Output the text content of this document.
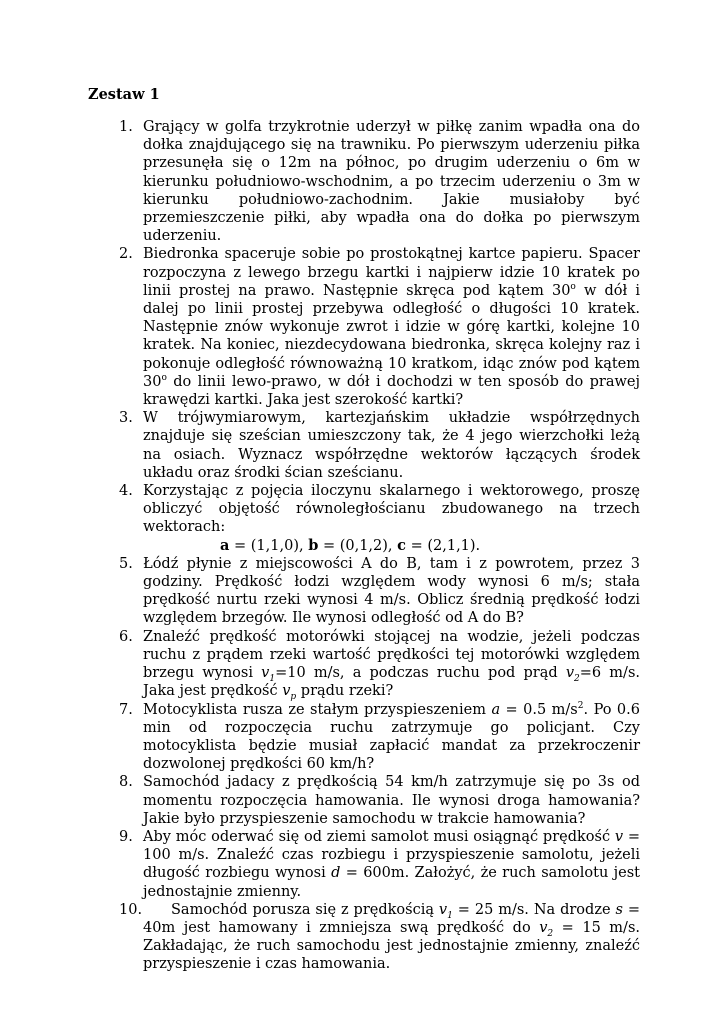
Zestaw 1
1. Grający w golfa trzykrotnie uderzył w piłkę zanim wpadła ona do dołka znajdującego się na trawniku. Po pierwszym uderzeniu piłka przesunęła się o 12m na północ, po drugim uderzeniu o 6m w kierunku południowo-wschodnim, a po trzecim uderzeniu o 3m w kierunku południowo-zachodnim. Jakie musiałoby być przemieszczenie piłki, aby wpadła ona do dołka po pierwszym uderzeniu.
2. Biedronka spaceruje sobie po prostokątnej kartce papieru. Spacer rozpoczyna z lewego brzegu kartki i najpierw idzie 10 kratek po linii prostej na prawo. Następnie skręca pod kątem 30$^o$ w dół i dalej po linii prostej przebywa odległość o długości 10 kratek. Następnie znów wykonuje zwrot i idzie w górę kartki, kolejne 10 kratek. Na koniec, niezdecydowana biedronka, skręca kolejny raz i pokonuje odległość równoważną 10 kratkom, idąc znów pod kątem 30$^o$ do linii lewo-prawo, w dół i dochodzi w ten sposób do prawej krawędzi kartki. Jaka jest szerokość kartki?
3. W trójwymiarowym, kartezjańskim układzie współrzędnych znajduje się sześcian umieszczony tak, że 4 jego wierzchołki leżą na osiach. Wyznacz współrzędne wektorów łączących środek układu oraz środki ścian sześcianu.
4. Korzystając z pojęcia iloczynu skalarnego i wektorowego, proszę obliczyć objętość równoległościanu zbudowanego na trzech wektorach:
a = (1,1,0), b = (0,1,2), c = (2,1,1).
5. Łódź płynie z miejscowości A do B, tam i z powrotem, przez 3 godziny. Prędkość łodzi względem wody wynosi 6 m/s; stała prędkość nurtu rzeki wynosi 4 m/s. Oblicz średnią prędkość łodzi względem brzegów. Ile wynosi odległość od A do B?
6. Znaleźć prędkość motorówki stojącej na wodzie, jeżeli podczas ruchu z prądem rzeki wartość prędkości tej motorówki względem brzegu wynosi $v_1=10$ m/s, a podczas ruchu pod prąd $v_2=6$ m/s. Jaka jest prędkość $v_p$ prądu rzeki?
7. Motocyklista rusza ze stałym przyspieszeniem a = 0.5 $m/s^2$. Po 0.6 min od rozpoczęcia ruchu zatrzymuje go policjant. Czy motocyklista będzie musiał zapłacić mandat za przekroczenir dozwolonej prędkości 60 km/h?
8. Samochód jadacy z prędkością 54 km/h zatrzymuje się po 3s od momentu rozpoczęcia hamowania. Ile wynosi droga hamowania? Jakie było przyspieszenie samochodu w trakcie hamowania?
9. Aby móc oderwać się od ziemi samolot musi osiągnąć prędkość v = 100 m/s. Znaleźć czas rozbiegu i przyspieszenie samolotu, jeżeli długość rozbiegu wynosi d = 600m. Założyć, że ruch samolotu jest jednostajnie zmienny.
10.	Samochód porusza się z prędkością $v_1 = 25$ m/s. Na drodze s = 40m jest hamowany i zmniejsza swą prędkość do $v_2 = 15$ m/s. Zakładając, że ruch samochodu jest jednostajnie zmienny, znaleźć przyspieszenie i czas hamowania.
